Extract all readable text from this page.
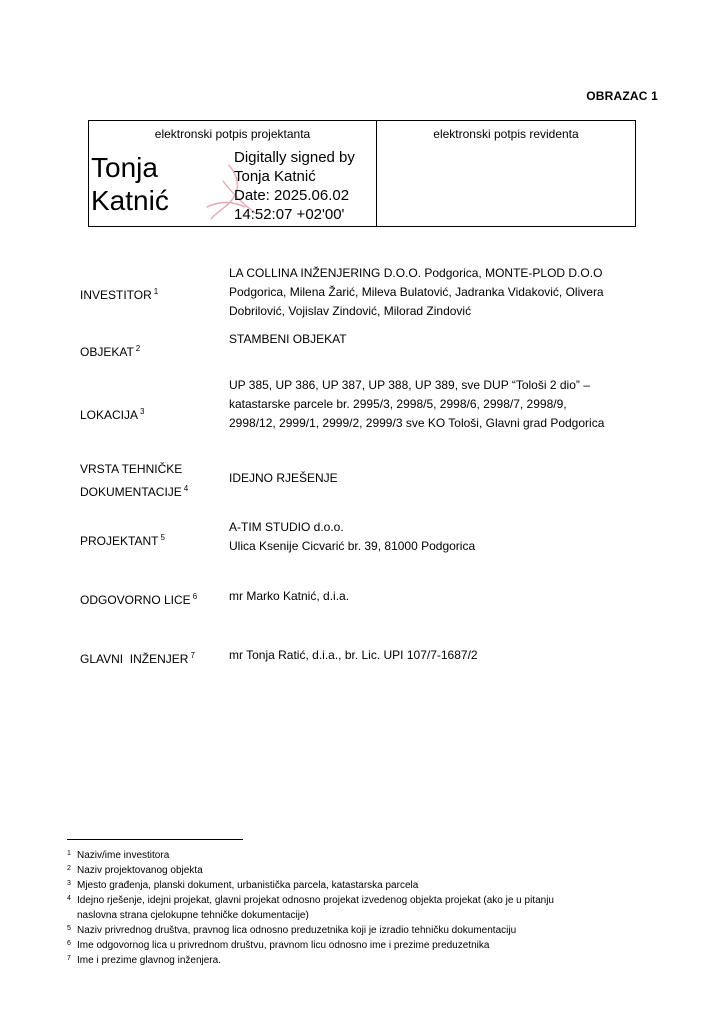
OBRAZAC 1
elektronski potpis projektanta
Tonja
Katnić
Digitally signed by
Tonja Katnić
Date: 2025.06.02
14:52:07 +02'00'
elektronski potpis revidenta
INVESTITOR $^1$
LA COLLINA INŽENJERING D.O.O. Podgorica, MONTE-PLOD D.O.O
Podgorica, Milena Žarić, Mileva Bulatović, Jadranka Vidaković, Olivera
Dobrilović, Vojislav Zindović, Milorad Zindović
OBJEKAT $^2$
STAMBENI OBJEKAT
LOKACIJA $^3$
UP 385, UP 386, UP 387, UP 388, UP 389, sve DUP “Tološi 2 dio” –
katastarske parcele br. 2995/3, 2998/5, 2998/6, 2998/7, 2998/9,
2998/12, 2999/1, 2999/2, 2999/3 sve KO Tološi, Glavni grad Podgorica
VRSTA TEHNIČKE
DOKUMENTACIJE $^4$
IDEJNO RJEŠENJE
PROJEKTANT $^5$
A-TIM STUDIO d.o.o.
Ulica Ksenije Cicvarić br. 39, 81000 Podgorica
ODGOVORNO LICE $^6$	mr Marko Katnić, d.i.a.
GLAVNI  INŽENJER $^7$	mr Tonja Ratić, d.i.a., br. Lic. UPI 107/7-1687/2
1 Naziv/ime investitora
2 Naziv projektovanog objekta
3 Mjesto građenja, planski dokument, urbanistička parcela, katastarska parcela
4 Idejno rješenje, idejni projekat, glavni projekat odnosno projekat izvedenog objekta projekat (ako je u pitanju
naslovna strana cjelokupne tehničke dokumentacije)
5 Naziv privrednog društva, pravnog lica odnosno preduzetnika koji je izradio tehničku dokumentaciju
6 Ime odgovornog lica u privrednom društvu, pravnom licu odnosno ime i prezime preduzetnika
7 Ime i prezime glavnog inženjera.
